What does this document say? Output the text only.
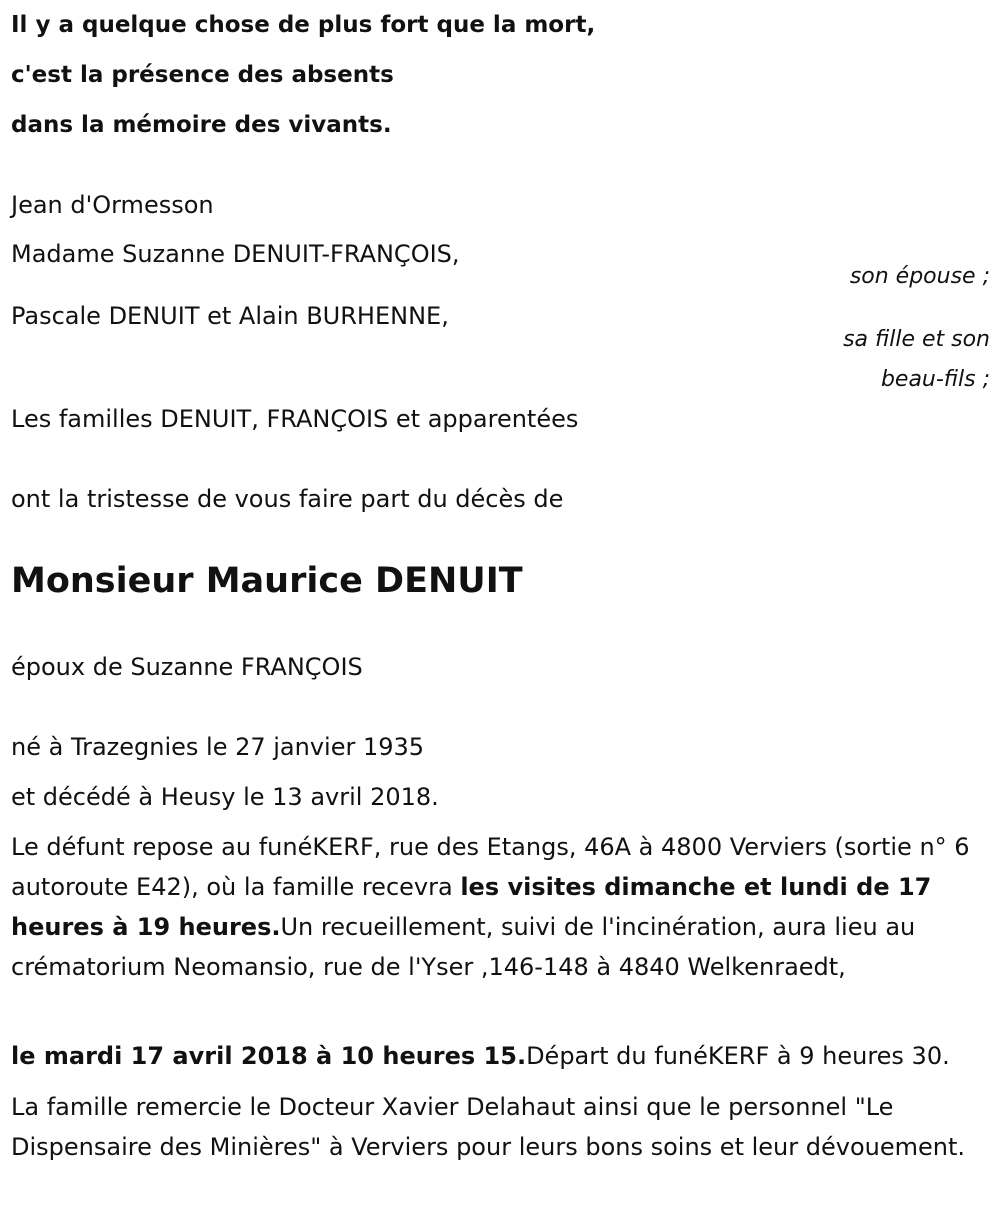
Il y a quelque chose de plus fort que la mort,
c'est la présence des absents
dans la mémoire des vivants.
Jean d'Ormesson
Madame Suzanne DENUIT-FRANÇOIS,
son épouse ;
Pascale DENUIT et Alain BURHENNE,
sa fille et son
beau-fils ;
Les familles DENUIT, FRANÇOIS et apparentées
ont la tristesse de vous faire part du décès de
Monsieur Maurice DENUIT
époux de Suzanne FRANÇOIS
né à Trazegnies le 27 janvier 1935
et décédé à Heusy le 13 avril 2018.
Le défunt repose au funéKERF, rue des Etangs, 46A à 4800 Verviers (sortie n° 6 autoroute E42), où la famille recevra les visites dimanche et lundi de 17 heures à 19 heures.Un recueillement, suivi de l'incinération, aura lieu au crématorium Neomansio, rue de l'Yser ,146-148 à 4840 Welkenraedt,
le mardi 17 avril 2018 à 10 heures 15.Départ du funéKERF à 9 heures 30.
La famille remercie le Docteur Xavier Delahaut ainsi que le personnel "Le Dispensaire des Minières" à Verviers pour leurs bons soins et leur dévouement.
